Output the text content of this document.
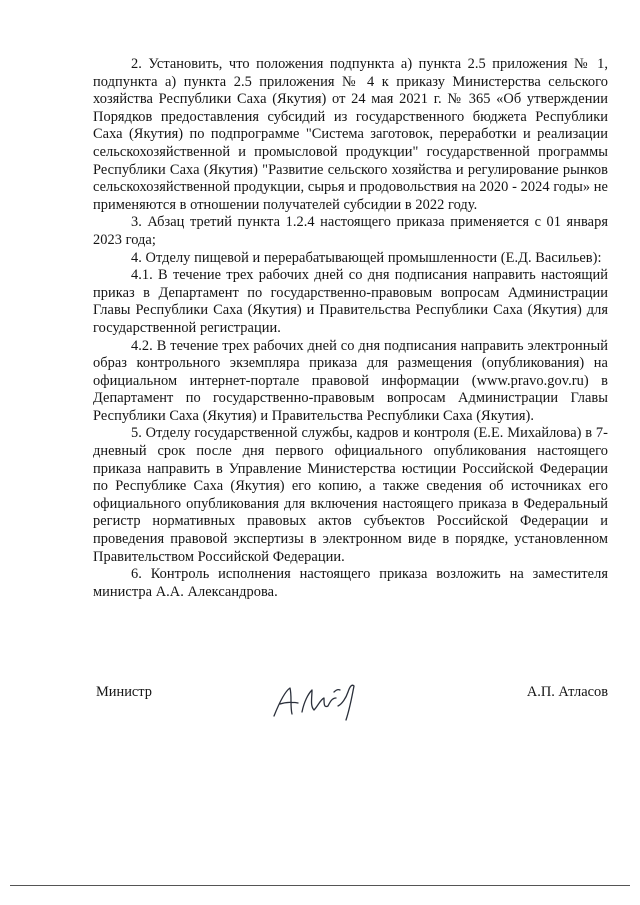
2. Установить, что положения подпункта а) пункта 2.5 приложения № 1, подпункта а) пункта 2.5 приложения № 4 к приказу Министерства сельского хозяйства Республики Саха (Якутия) от 24 мая 2021 г. № 365 «Об утверждении Порядков предоставления субсидий из государственного бюджета Республики Саха (Якутия) по подпрограмме "Система заготовок, переработки и реализации сельскохозяйственной и промысловой продукции" государственной программы Республики Саха (Якутия) "Развитие сельского хозяйства и регулирование рынков сельскохозяйственной продукции, сырья и продовольствия на 2020 - 2024 годы» не применяются в отношении получателей субсидии в 2022 году.

3. Абзац третий пункта 1.2.4 настоящего приказа применяется с 01 января 2023 года;

4. Отделу пищевой и перерабатывающей промышленности (Е.Д. Васильев):

4.1. В течение трех рабочих дней со дня подписания направить настоящий приказ в Департамент по государственно-правовым вопросам Администрации Главы Республики Саха (Якутия) и Правительства Республики Саха (Якутия) для государственной регистрации.

4.2. В течение трех рабочих дней со дня подписания направить электронный образ контрольного экземпляра приказа для размещения (опубликования) на официальном интернет-портале правовой информации (www.pravo.gov.ru) в Департамент по государственно-правовым вопросам Администрации Главы Республики Саха (Якутия) и Правительства Республики Саха (Якутия).

5. Отделу государственной службы, кадров и контроля (Е.Е. Михайлова) в 7-дневный срок после дня первого официального опубликования настоящего приказа направить в Управление Министерства юстиции Российской Федерации по Республике Саха (Якутия) его копию, а также сведения об источниках его официального опубликования для включения настоящего приказа в Федеральный регистр нормативных правовых актов субъектов Российской Федерации и проведения правовой экспертизы в электронном виде в порядке, установленном Правительством Российской Федерации.

6. Контроль исполнения настоящего приказа возложить на заместителя министра А.А. Александрова.

Министр	А.П. Атласов
